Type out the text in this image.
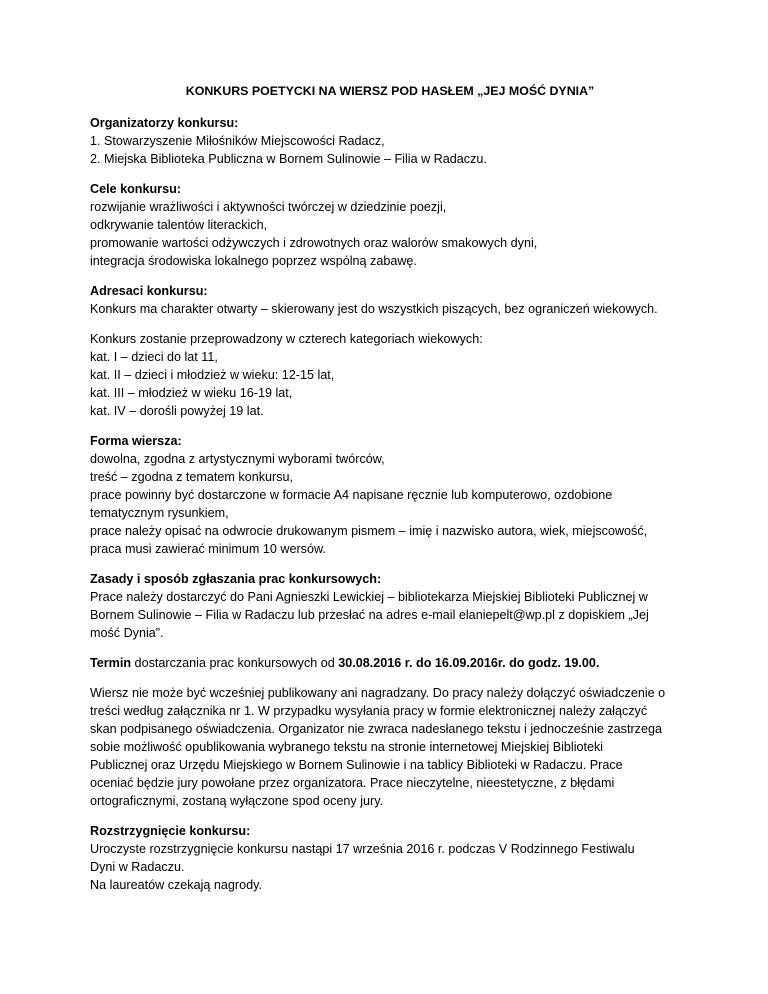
KONKURS POETYCKI NA WIERSZ POD HASŁEM „JEJ MOŚĆ DYNIA”
Organizatorzy konkursu:
1. Stowarzyszenie Miłośników Miejscowości Radacz,
2. Miejska Biblioteka Publiczna w Bornem Sulinowie – Filia w Radaczu.
Cele konkursu:
rozwijanie wrażliwości i aktywności twórczej w dziedzinie poezji,
odkrywanie talentów literackich,
promowanie wartości odżywczych i zdrowotnych oraz walorów smakowych dyni,
integracja środowiska lokalnego poprzez wspólną zabawę.
Adresaci konkursu:
Konkurs ma charakter otwarty – skierowany jest do wszystkich piszących, bez ograniczeń wiekowych.
Konkurs zostanie przeprowadzony w czterech kategoriach wiekowych:
kat. I – dzieci do lat 11,
kat. II – dzieci i młodzież w wieku: 12-15 lat,
kat. III – młodzież w wieku 16-19 lat,
kat. IV – dorośli powyżej 19 lat.
Forma wiersza:
dowolna, zgodna z artystycznymi wyborami twórców,
treść – zgodna z tematem konkursu,
prace powinny być dostarczone w formacie A4 napisane ręcznie lub komputerowo, ozdobione
tematycznym rysunkiem,
prace należy opisać na odwrocie drukowanym pismem – imię i nazwisko autora, wiek, miejscowość,
praca musi zawierać minimum 10 wersów.
Zasady i sposób zgłaszania prac konkursowych:
Prace należy dostarczyć do Pani Agnieszki Lewickiej – bibliotekarza Miejskiej Biblioteki Publicznej w
Bornem Sulinowie – Filia w Radaczu lub przesłać na adres e-mail elaniepelt@wp.pl z dopiskiem „Jej
mość Dynia”.
Termin dostarczania prac konkursowych od 30.08.2016 r. do 16.09.2016r. do godz. 19.00.
Wiersz nie może być wcześniej publikowany ani nagradzany. Do pracy należy dołączyć oświadczenie o
treści według załącznika nr 1. W przypadku wysyłania pracy w formie elektronicznej należy załączyć
skan podpisanego oświadczenia. Organizator nie zwraca nadesłanego tekstu i jednocześnie zastrzega
sobie możliwość opublikowania wybranego tekstu na stronie internetowej Miejskiej Biblioteki
Publicznej oraz Urzędu Miejskiego w Bornem Sulinowie i na tablicy Biblioteki w Radaczu. Prace
oceniać będzie jury powołane przez organizatora. Prace nieczytelne, nieestetyczne, z błędami
ortograficznymi, zostaną wyłączone spod oceny jury.
Rozstrzygnięcie konkursu:
Uroczyste rozstrzygnięcie konkursu nastąpi 17 września 2016 r. podczas V Rodzinnego Festiwalu
Dyni w Radaczu.
Na laureatów czekają nagrody.
